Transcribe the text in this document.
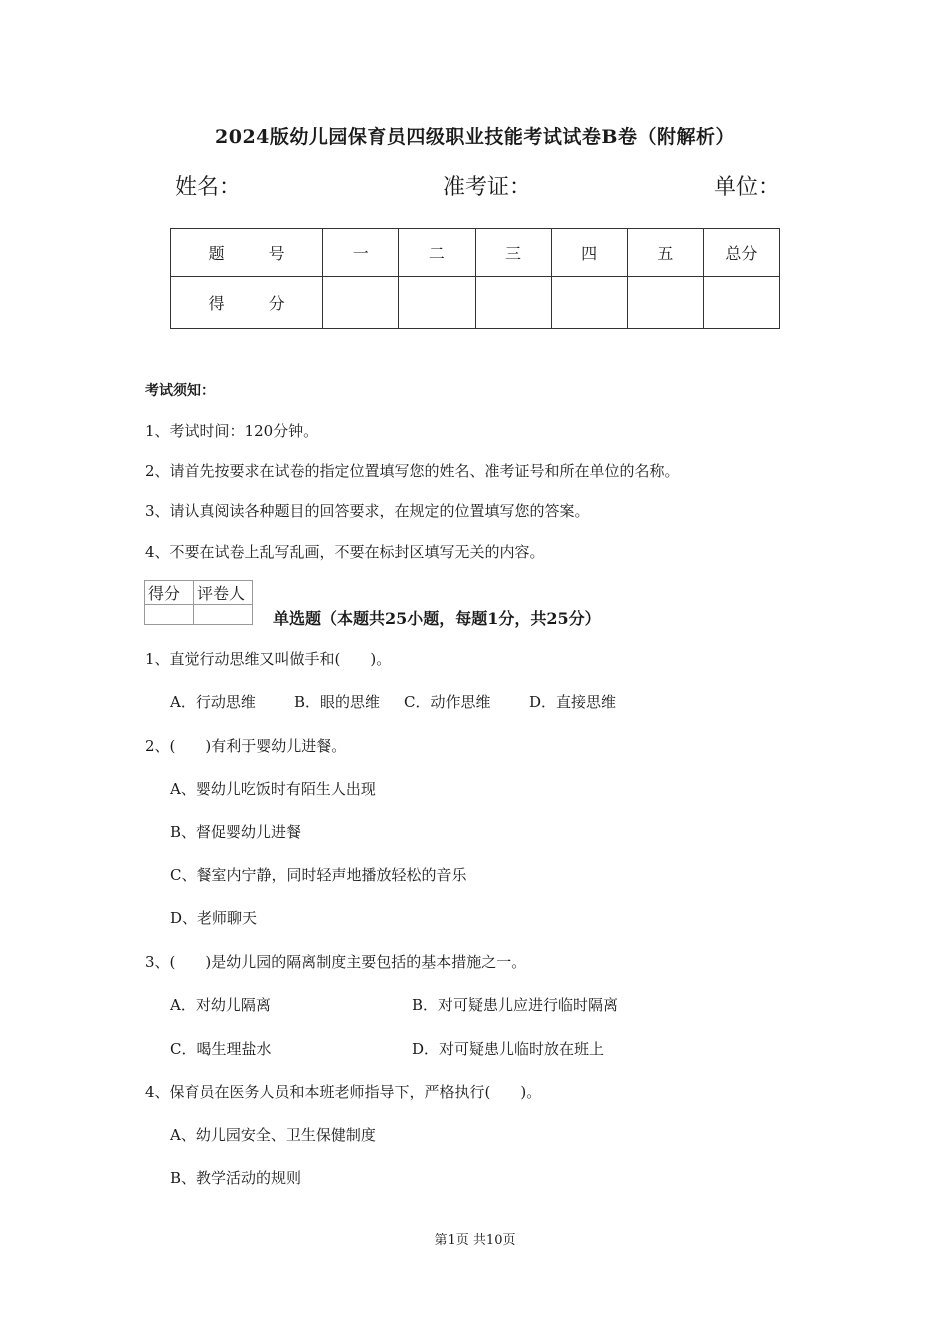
2024版幼儿园保育员四级职业技能考试试卷B卷（附解析）
姓名：	准考证：	单位：
题　号	一	二	三	四	五	总分
得　分						
考试须知：
1、考试时间：120分钟。
2、请首先按要求在试卷的指定位置填写您的姓名、准考证号和所在单位的名称。
3、请认真阅读各种题目的回答要求，在规定的位置填写您的答案。
4、不要在试卷上乱写乱画，不要在标封区填写无关的内容。
得分	评卷人

单选题（本题共25小题，每题1分，共25分）
1、直觉行动思维又叫做手和(　　)。
A．行动思维	B．眼的思维 C．动作思维	D．直接思维
2、(　　)有利于婴幼儿进餐。
A、婴幼儿吃饭时有陌生人出现
B、督促婴幼儿进餐
C、餐室内宁静，同时轻声地播放轻松的音乐
D、老师聊天
3、(　　)是幼儿园的隔离制度主要包括的基本措施之一。
A．对幼儿隔离	B．对可疑患儿应进行临时隔离
C．喝生理盐水	D．对可疑患儿临时放在班上
4、保育员在医务人员和本班老师指导下，严格执行(　　)。
A、幼儿园安全、卫生保健制度
B、教学活动的规则
第1页 共10页
